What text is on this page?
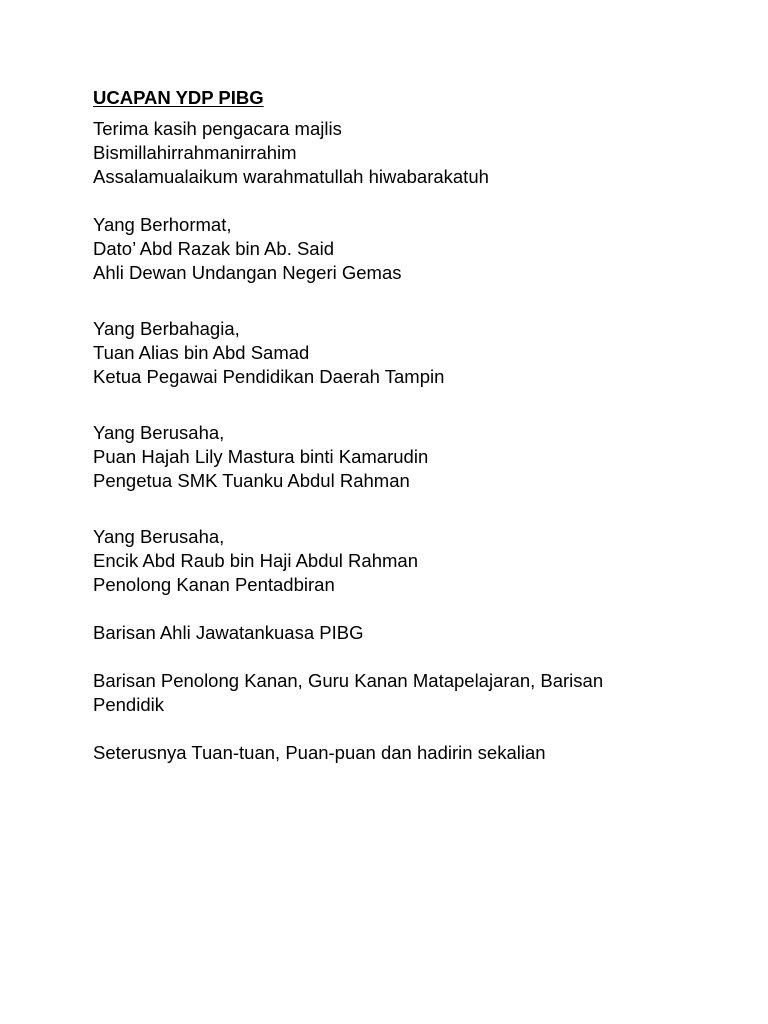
UCAPAN YDP PIBG
Terima kasih pengacara majlis
Bismillahirrahmanirrahim
Assalamualaikum warahmatullah hiwabarakatuh
Yang Berhormat,
Dato’ Abd Razak bin Ab. Said
Ahli Dewan Undangan Negeri Gemas
Yang Berbahagia,
Tuan Alias bin Abd Samad
Ketua Pegawai Pendidikan Daerah Tampin
Yang Berusaha,
Puan Hajah Lily Mastura binti Kamarudin
Pengetua SMK Tuanku Abdul Rahman
Yang Berusaha,
Encik Abd Raub bin Haji Abdul Rahman
Penolong Kanan Pentadbiran
Barisan Ahli Jawatankuasa PIBG
Barisan Penolong Kanan, Guru Kanan Matapelajaran, Barisan
Pendidik
Seterusnya Tuan-tuan, Puan-puan dan hadirin sekalian
